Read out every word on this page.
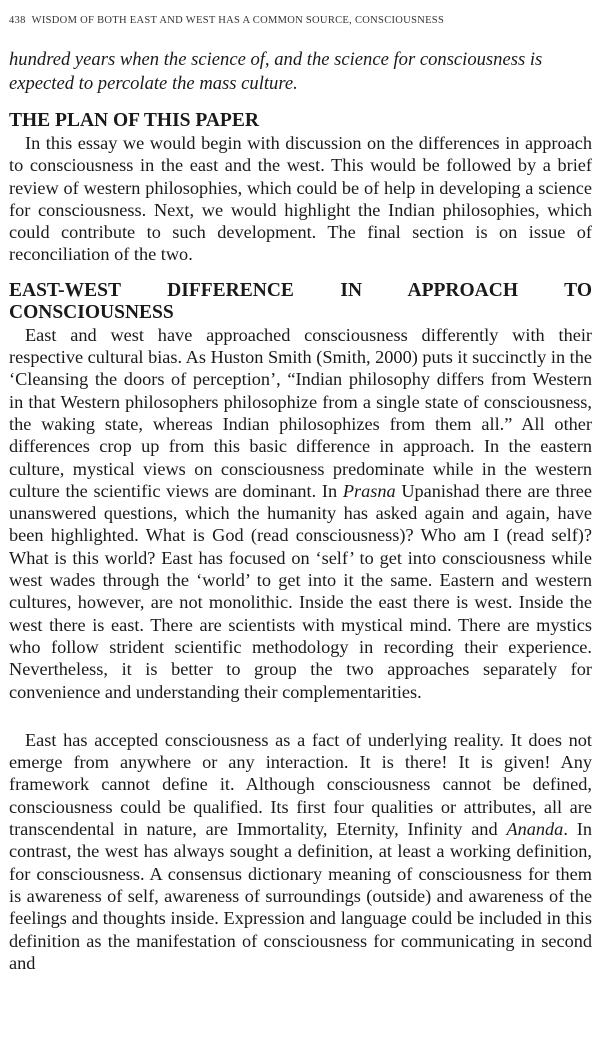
438 WISDOM OF BOTH EAST AND WEST HAS A COMMON SOURCE, CONSCIOUSNESS
hundred years when the science of, and the science for consciousness is expected to percolate the mass culture.
THE PLAN OF THIS PAPER

In this essay we would begin with discussion on the differences in approach to consciousness in the east and the west. This would be followed by a brief review of western philosophies, which could be of help in developing a science for consciousness. Next, we would highlight the Indian philosophies, which could contribute to such development. The final section is on issue of reconciliation of the two.

EAST-WEST DIFFERENCE IN APPROACH TO
CONSCIOUSNESS

East and west have approached consciousness differently with their respective cultural bias. As Huston Smith (Smith, 2000) puts it succinctly in the ‘Cleansing the doors of perception’, “Indian philosophy differs from Western in that Western philosophers philosophize from a single state of consciousness, the waking state, whereas Indian philosophizes from them all.” All other differences crop up from this basic difference in approach. In the eastern culture, mystical views on consciousness predominate while in the western culture the scientific views are dominant. In Prasna Upanishad there are three unanswered questions, which the humanity has asked again and again, have been highlighted. What is God (read consciousness)? Who am I (read self)? What is this world? East has focused on ‘self’ to get into consciousness while west wades through the ‘world’ to get into it the same. Eastern and western cultures, however, are not monolithic. Inside the east there is west. Inside the west there is east. There are scientists with mystical mind. There are mystics who follow strident scientific methodology in recording their experience. Nevertheless, it is better to group the two approaches separately for convenience and understanding their complementarities.

East has accepted consciousness as a fact of underlying reality. It does not emerge from anywhere or any interaction. It is there! It is given! Any framework cannot define it. Although consciousness cannot be defined, consciousness could be qualified. Its first four qualities or attributes, all are transcendental in nature, are Immortality, Eternity, Infinity and Ananda. In contrast, the west has always sought a definition, at least a working definition, for consciousness. A consensus dictionary meaning of consciousness for them is awareness of self, awareness of surroundings (outside) and awareness of the feelings and thoughts inside. Expression and language could be included in this definition as the manifestation of consciousness for communicating in second and
